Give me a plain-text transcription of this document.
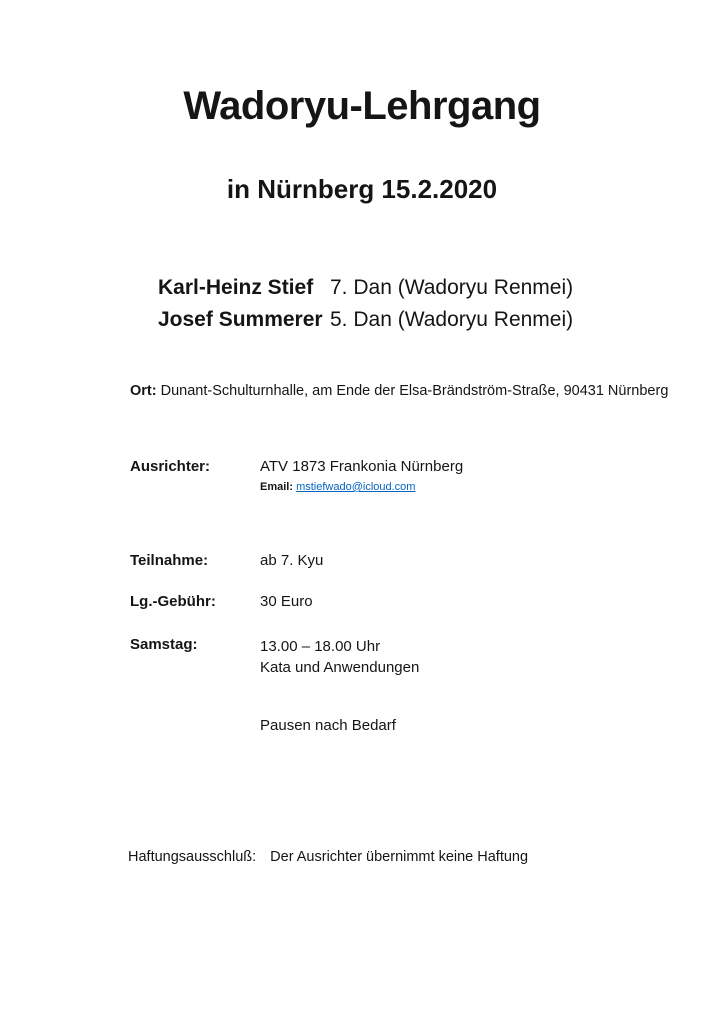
Wadoryu-Lehrgang
in Nürnberg 15.2.2020
Karl-Heinz Stief 7. Dan (Wadoryu Renmei)
Josef Summerer 5. Dan (Wadoryu Renmei)
Ort: Dunant-Schulturnhalle, am Ende der Elsa-Brändström-Straße, 90431 Nürnberg
Ausrichter:	ATV 1873 Frankonia Nürnberg
Email: mstiefwado@icloud.com
Teilnahme:	ab 7. Kyu
Lg.-Gebühr:	30 Euro
Samstag:	13.00 – 18.00 Uhr
Kata und Anwendungen
Pausen nach Bedarf
Haftungsausschluß: Der Ausrichter übernimmt keine Haftung
